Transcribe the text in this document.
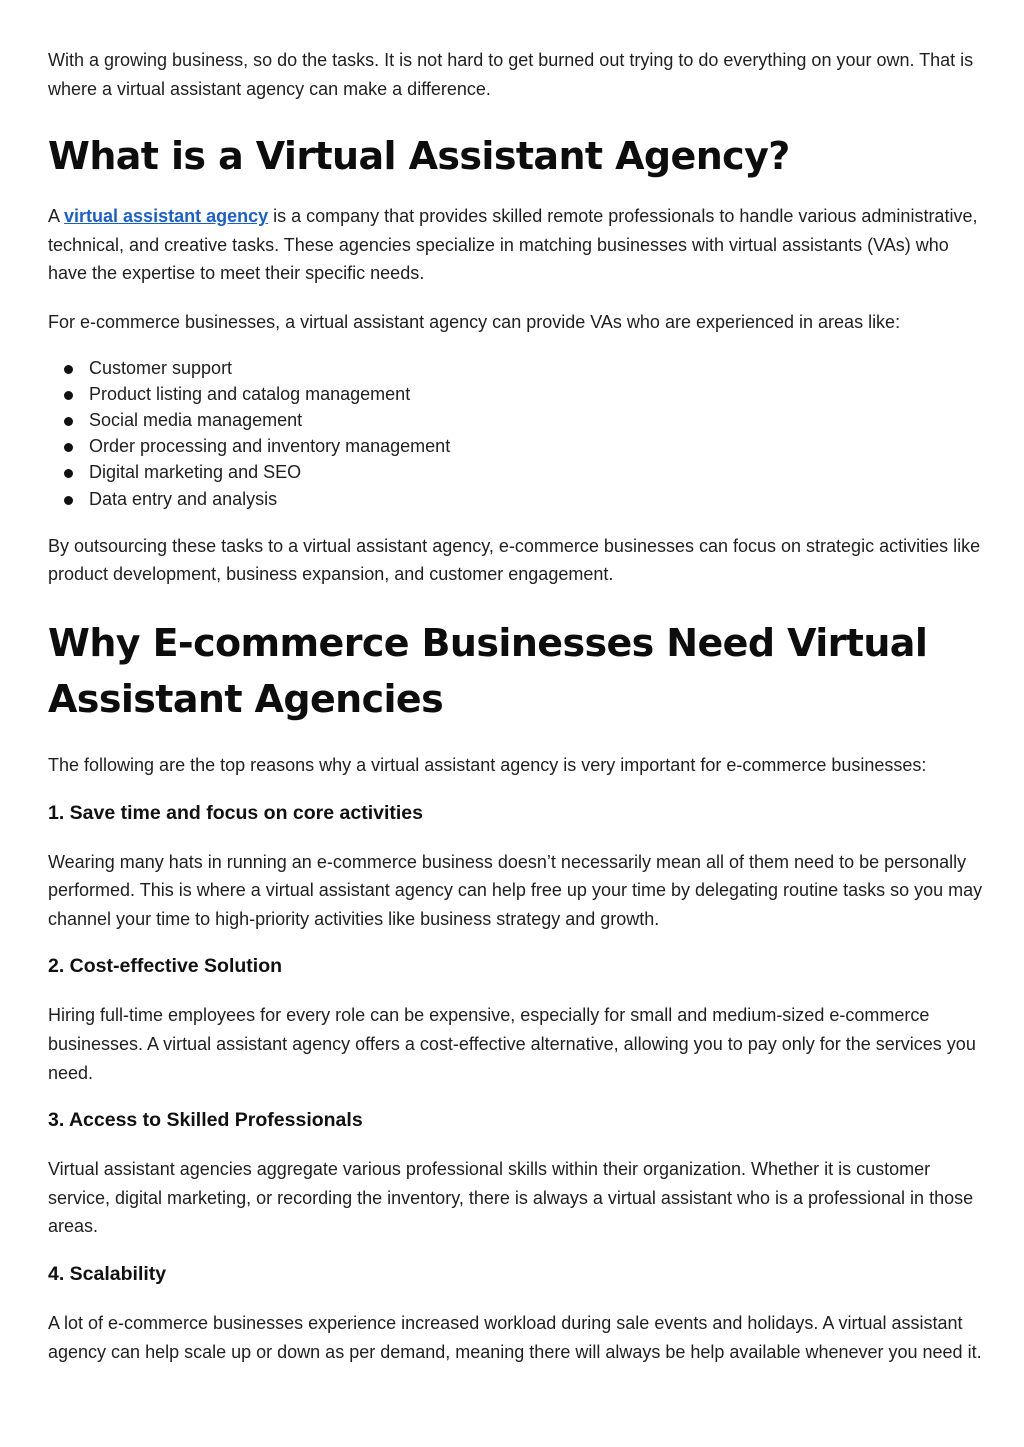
With a growing business, so do the tasks. It is not hard to get burned out trying to do everything on your own. That is where a virtual assistant agency can make a difference.

What is a Virtual Assistant Agency?

A virtual assistant agency is a company that provides skilled remote professionals to handle various administrative, technical, and creative tasks. These agencies specialize in matching businesses with virtual assistants (VAs) who have the expertise to meet their specific needs.

For e-commerce businesses, a virtual assistant agency can provide VAs who are experienced in areas like:

Customer support
Product listing and catalog management
Social media management
Order processing and inventory management
Digital marketing and SEO
Data entry and analysis

By outsourcing these tasks to a virtual assistant agency, e-commerce businesses can focus on strategic activities like product development, business expansion, and customer engagement.

Why E-commerce Businesses Need Virtual Assistant Agencies

The following are the top reasons why a virtual assistant agency is very important for e-commerce businesses:

1. Save time and focus on core activities

Wearing many hats in running an e-commerce business doesn’t necessarily mean all of them need to be personally performed. This is where a virtual assistant agency can help free up your time by delegating routine tasks so you may channel your time to high-priority activities like business strategy and growth.

2. Cost-effective Solution

Hiring full-time employees for every role can be expensive, especially for small and medium-sized e-commerce businesses. A virtual assistant agency offers a cost-effective alternative, allowing you to pay only for the services you need.

3. Access to Skilled Professionals

Virtual assistant agencies aggregate various professional skills within their organization. Whether it is customer service, digital marketing, or recording the inventory, there is always a virtual assistant who is a professional in those areas.

4. Scalability

A lot of e-commerce businesses experience increased workload during sale events and holidays. A virtual assistant agency can help scale up or down as per demand, meaning there will always be help available whenever you need it.
